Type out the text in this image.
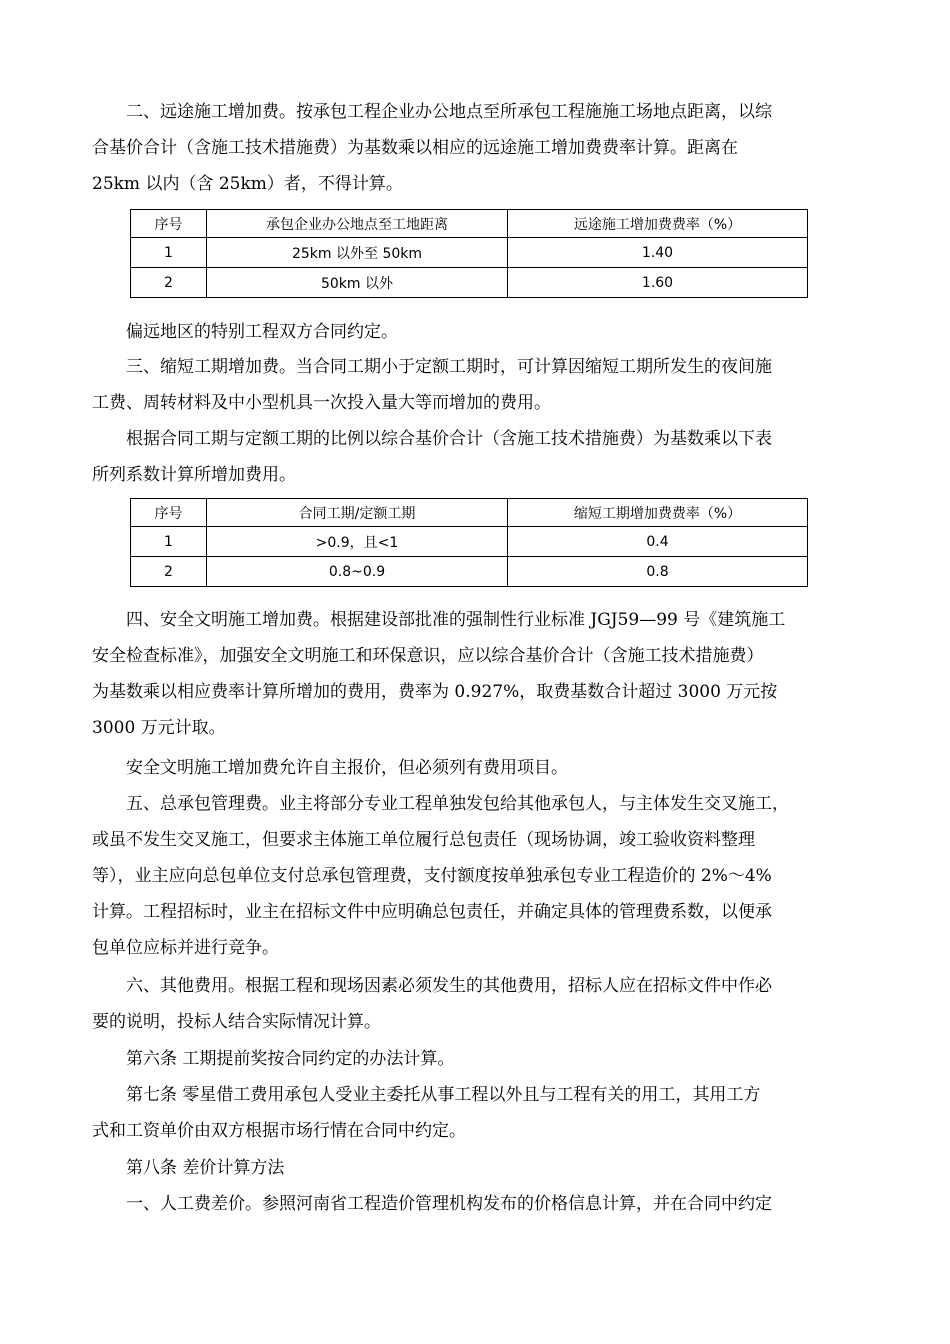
二、远途施工增加费。按承包工程企业办公地点至所承包工程施施工场地点距离，以综
合基价合计（含施工技术措施费）为基数乘以相应的远途施工增加费费率计算。距离在
25km 以内（含 25km）者，不得计算。

序号	承包企业办公地点至工地距离	远途施工增加费费率（%）
1	25km 以外至 50km	1.40
2	50km 以外	1.60

偏远地区的特别工程双方合同约定。

三、缩短工期增加费。当合同工期小于定额工期时，可计算因缩短工期所发生的夜间施
工费、周转材料及中小型机具一次投入量大等而增加的费用。

根据合同工期与定额工期的比例以综合基价合计（含施工技术措施费）为基数乘以下表
所列系数计算所增加费用。

序号	合同工期/定额工期	缩短工期增加费费率（%）
1	>0.9，且<1	0.4
2	0.8~0.9	0.8

四、安全文明施工增加费。根据建设部批准的强制性行业标准 JGJ59—99 号《建筑施工
安全检查标准》，加强安全文明施工和环保意识，应以综合基价合计（含施工技术措施费）
为基数乘以相应费率计算所增加的费用，费率为 0.927%，取费基数合计超过 3000 万元按
3000 万元计取。

安全文明施工增加费允许自主报价，但必须列有费用项目。

五、总承包管理费。业主将部分专业工程单独发包给其他承包人，与主体发生交叉施工，
或虽不发生交叉施工，但要求主体施工单位履行总包责任（现场协调，竣工验收资料整理
等），业主应向总包单位支付总承包管理费，支付额度按单独承包专业工程造价的 2%～4%
计算。工程招标时，业主在招标文件中应明确总包责任，并确定具体的管理费系数，以便承
包单位应标并进行竞争。

六、其他费用。根据工程和现场因素必须发生的其他费用，招标人应在招标文件中作必
要的说明，投标人结合实际情况计算。

第六条 工期提前奖按合同约定的办法计算。

第七条 零星借工费用承包人受业主委托从事工程以外且与工程有关的用工，其用工方
式和工资单价由双方根据市场行情在合同中约定。

第八条 差价计算方法

一、人工费差价。参照河南省工程造价管理机构发布的价格信息计算，并在合同中约定
